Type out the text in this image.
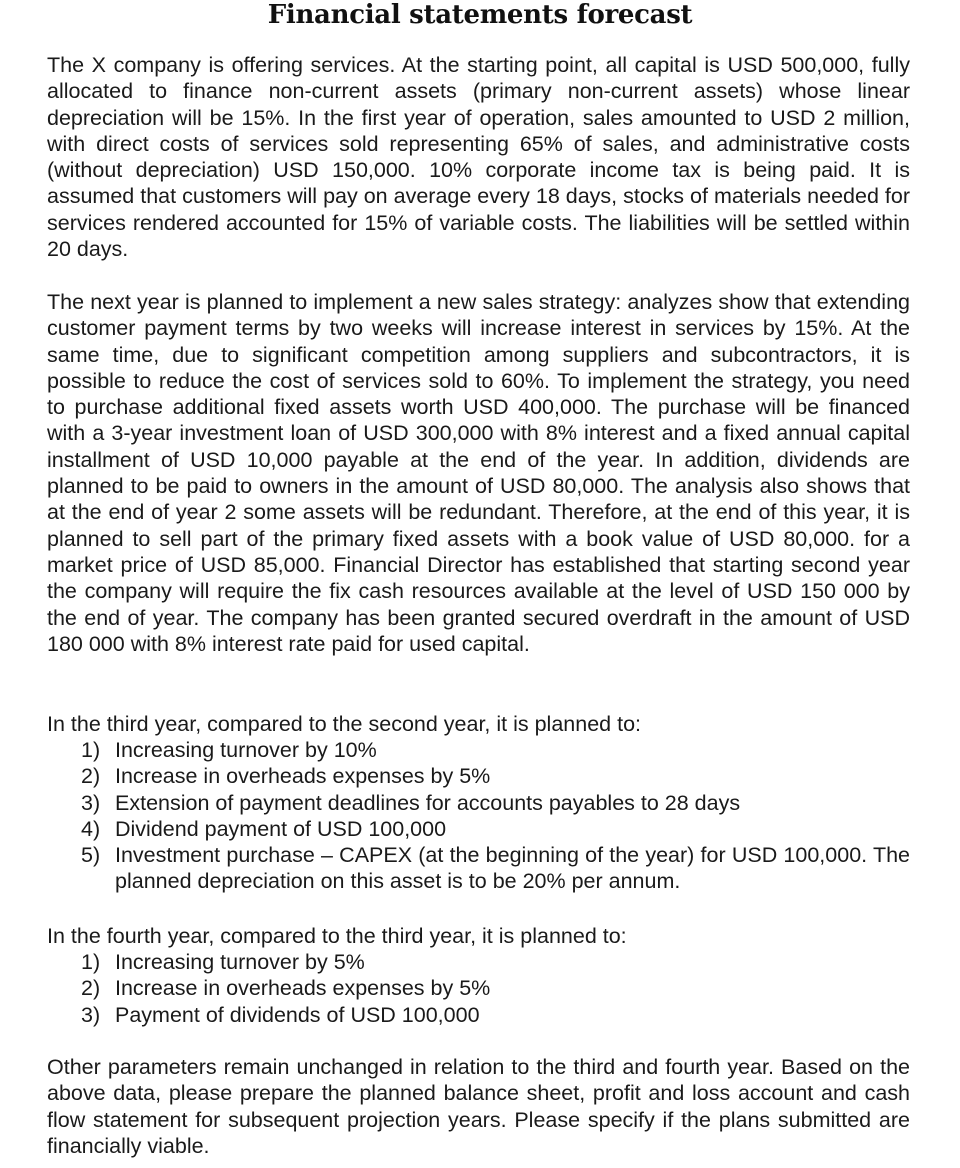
Financial statements forecast

The X company is offering services. At the starting point, all capital is USD 500,000, fully allocated to finance non-current assets (primary non-current assets) whose linear depreciation will be 15%. In the first year of operation, sales amounted to USD 2 million, with direct costs of services sold representing 65% of sales, and administrative costs (without depreciation) USD 150,000. 10% corporate income tax is being paid. It is assumed that customers will pay on average every 18 days, stocks of materials needed for services rendered accounted for 15% of variable costs. The liabilities will be settled within 20 days.

The next year is planned to implement a new sales strategy: analyzes show that extending customer payment terms by two weeks will increase interest in services by 15%. At the same time, due to significant competition among suppliers and subcontractors, it is possible to reduce the cost of services sold to 60%. To implement the strategy, you need to purchase additional fixed assets worth USD 400,000. The purchase will be financed with a 3-year investment loan of USD 300,000 with 8% interest and a fixed annual capital installment of USD 10,000 payable at the end of the year. In addition, dividends are planned to be paid to owners in the amount of USD 80,000. The analysis also shows that at the end of year 2 some assets will be redundant. Therefore, at the end of this year, it is planned to sell part of the primary fixed assets with a book value of USD 80,000. for a market price of USD 85,000. Financial Director has established that starting second year the company will require the fix cash resources available at the level of USD 150 000 by the end of year. The company has been granted secured overdraft in the amount of USD 180 000 with 8% interest rate paid for used capital.

In the third year, compared to the second year, it is planned to:
1) Increasing turnover by 10%
2) Increase in overheads expenses by 5%
3) Extension of payment deadlines for accounts payables to 28 days
4) Dividend payment of USD 100,000
5) Investment purchase – CAPEX (at the beginning of the year) for USD 100,000. The planned depreciation on this asset is to be 20% per annum.
In the fourth year, compared to the third year, it is planned to:
1) Increasing turnover by 5%
2) Increase in overheads expenses by 5%
3) Payment of dividends of USD 100,000

Other parameters remain unchanged in relation to the third and fourth year. Based on the above data, please prepare the planned balance sheet, profit and loss account and cash flow statement for subsequent projection years. Please specify if the plans submitted are financially viable.
